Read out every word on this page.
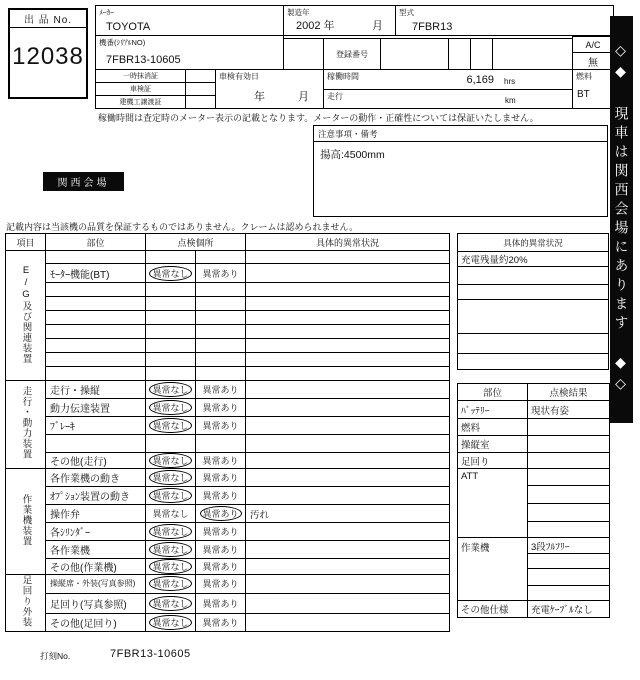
出 品 No.
12038
ﾒｰｶｰ
TOYOTA
製造年
2002 年	月
型式
7FBR13
機番(ｼﾘｱﾙNO)
7FBR13-10605	登録番号
A/C
無
一時抹消証
車検証
建機工譲渡証
車検有効日
年	月
稼働時間	6,169 hrs
走行	km
燃料
BT
稼働時間は査定時のメーター表示の記載となります。メーターの動作・正確性については保証いたしません。
注意事項・備考
揚高:4500mm
関西会場
記載内容は当該機の品質を保証するものではありません。クレームは認められません。	◇◆ 現車は関西会場にあります ◆◇
項目	部位	点検個所		具体的異常状況
E/G及び関連装置				
	ﾓｰﾀｰ機能(BT)	異常なし	異常あり	

走行・動力装置	走行・操縦	異常なし	異常あり	
	動力伝達装置	異常なし	異常あり	
	ﾌﾞﾚｰｷ	異常なし	異常あり	

	その他(走行)	異常なし	異常あり	
作業機装置	各作業機の動き	異常なし	異常あり	
	ｵﾌﾟｼｮﾝ装置の動き	異常なし	異常あり	
	操作弁	異常なし	異常あり	汚れ
	各ｼﾘﾝﾀﾞｰ	異常なし	異常あり	
	各作業機	異常なし	異常あり	
	その他(作業機)	異常なし	異常あり	
足回り外装	操縦席・外装(写真参照)	異常なし	異常あり	
	足回り(写真参照)	異常なし	異常あり	
	その他(足回り)	異常なし	異常あり	
具体的異常状況
充電残量約20%
部位	点検結果
ﾊﾞｯﾃﾘｰ	現状有姿
燃料	
操縦室	
足回り	
ATT	

作業機	3段ﾌﾙﾌﾘｰ

その他仕様	充電ｹｰﾌﾞﾙなし
打刻No.	7FBR13-10605
